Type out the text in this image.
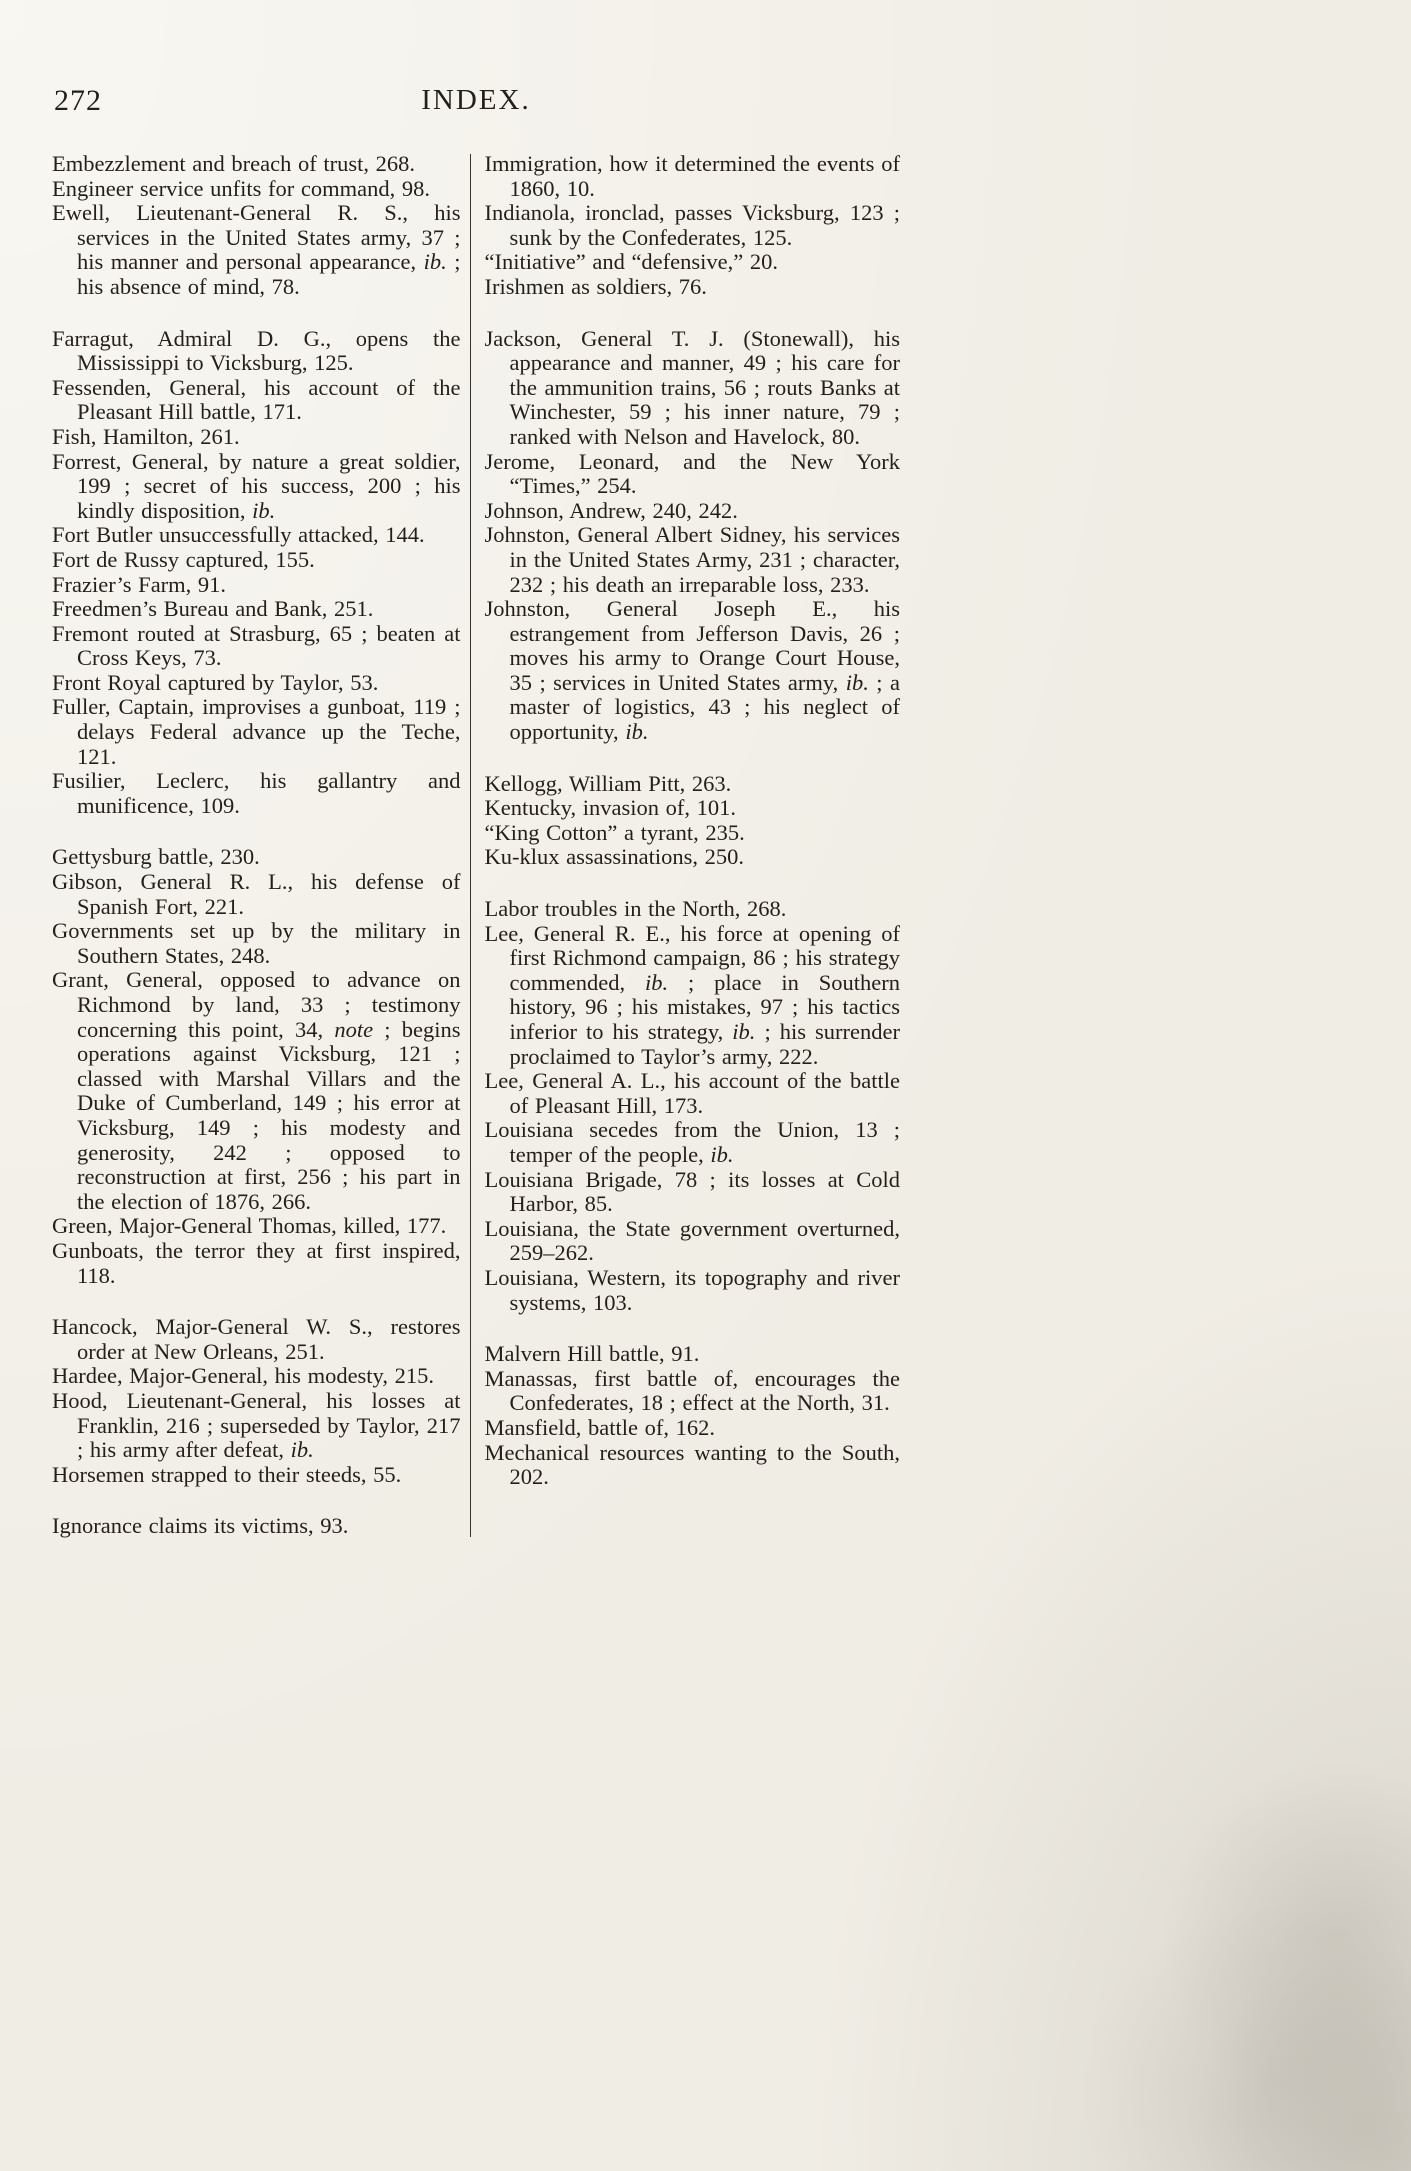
272	INDEX.

Embezzlement and breach of trust, 268.

Engineer service unfits for command, 98.

Ewell, Lieutenant-General R. S., his services in the United States army, 37 ; his manner and personal appearance, ib. ; his absence of mind, 78.

Farragut, Admiral D. G., opens the Mississippi to Vicksburg, 125.

Fessenden, General, his account of the Pleasant Hill battle, 171.

Fish, Hamilton, 261.

Forrest, General, by nature a great soldier, 199 ; secret of his success, 200 ; his kindly disposition, ib.

Fort Butler unsuccessfully attacked, 144.

Fort de Russy captured, 155.

Frazier’s Farm, 91.

Freedmen’s Bureau and Bank, 251.

Fremont routed at Strasburg, 65 ; beaten at Cross Keys, 73.

Front Royal captured by Taylor, 53.

Fuller, Captain, improvises a gunboat, 119 ; delays Federal advance up the Teche, 121.

Fusilier, Leclerc, his gallantry and munificence, 109.

Gettysburg battle, 230.

Gibson, General R. L., his defense of Spanish Fort, 221.

Governments set up by the military in Southern States, 248.

Grant, General, opposed to advance on Richmond by land, 33 ; testimony concerning this point, 34, note ; begins operations against Vicksburg, 121 ; classed with Marshal Villars and the Duke of Cumberland, 149 ; his error at Vicksburg, 149 ; his modesty and generosity, 242 ; opposed to reconstruction at first, 256 ; his part in the election of 1876, 266.

Green, Major-General Thomas, killed, 177.

Gunboats, the terror they at first inspired, 118.

Hancock, Major-General W. S., restores order at New Orleans, 251.

Hardee, Major-General, his modesty, 215.

Hood, Lieutenant-General, his losses at Franklin, 216 ; superseded by Taylor, 217 ; his army after defeat, ib.

Horsemen strapped to their steeds, 55.

Ignorance claims its victims, 93.

Immigration, how it determined the events of 1860, 10.

Indianola, ironclad, passes Vicksburg, 123 ; sunk by the Confederates, 125.

“Initiative” and “defensive,” 20.

Irishmen as soldiers, 76.

Jackson, General T. J. (Stonewall), his appearance and manner, 49 ; his care for the ammunition trains, 56 ; routs Banks at Winchester, 59 ; his inner nature, 79 ; ranked with Nelson and Havelock, 80.

Jerome, Leonard, and the New York “Times,” 254.

Johnson, Andrew, 240, 242.

Johnston, General Albert Sidney, his services in the United States Army, 231 ; character, 232 ; his death an irreparable loss, 233.

Johnston, General Joseph E., his estrangement from Jefferson Davis, 26 ; moves his army to Orange Court House, 35 ; services in United States army, ib. ; a master of logistics, 43 ; his neglect of opportunity, ib.

Kellogg, William Pitt, 263.

Kentucky, invasion of, 101.

“King Cotton” a tyrant, 235.

Ku-klux assassinations, 250.

Labor troubles in the North, 268.

Lee, General R. E., his force at opening of first Richmond campaign, 86 ; his strategy commended, ib. ; place in Southern history, 96 ; his mistakes, 97 ; his tactics inferior to his strategy, ib. ; his surrender proclaimed to Taylor’s army, 222.

Lee, General A. L., his account of the battle of Pleasant Hill, 173.

Louisiana secedes from the Union, 13 ; temper of the people, ib.

Louisiana Brigade, 78 ; its losses at Cold Harbor, 85.

Louisiana, the State government overturned, 259–262.

Louisiana, Western, its topography and river systems, 103.

Malvern Hill battle, 91.

Manassas, first battle of, encourages the Confederates, 18 ; effect at the North, 31.

Mansfield, battle of, 162.

Mechanical resources wanting to the South, 202.
